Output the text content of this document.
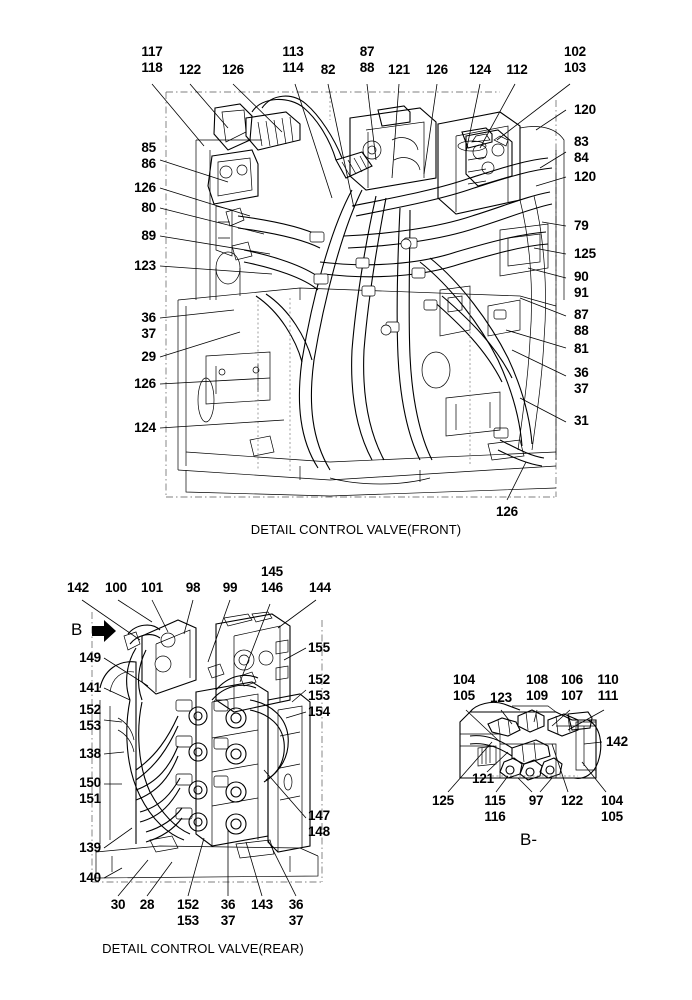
117
118 122 126
113
114 82
87
88 121 126 124 112
102
103
85
86
126
80
89
123
36
37
29
126
124
120
83
84
120
79
125
90
91
87
88
81
36
37
31
126
DETAIL CONTROL VALVE(FRONT)
142 100 101 98 99
145
146 144
149
141
152
153
138
150
151
139
140
155
152
153
154
147
148
30 28 152
153
36
37
143 36
37
B
DETAIL CONTROL VALVE(REAR)
104
105 123
108
109
106
107
110
111
142
121
125 115
116
97 122 104
105
B-
